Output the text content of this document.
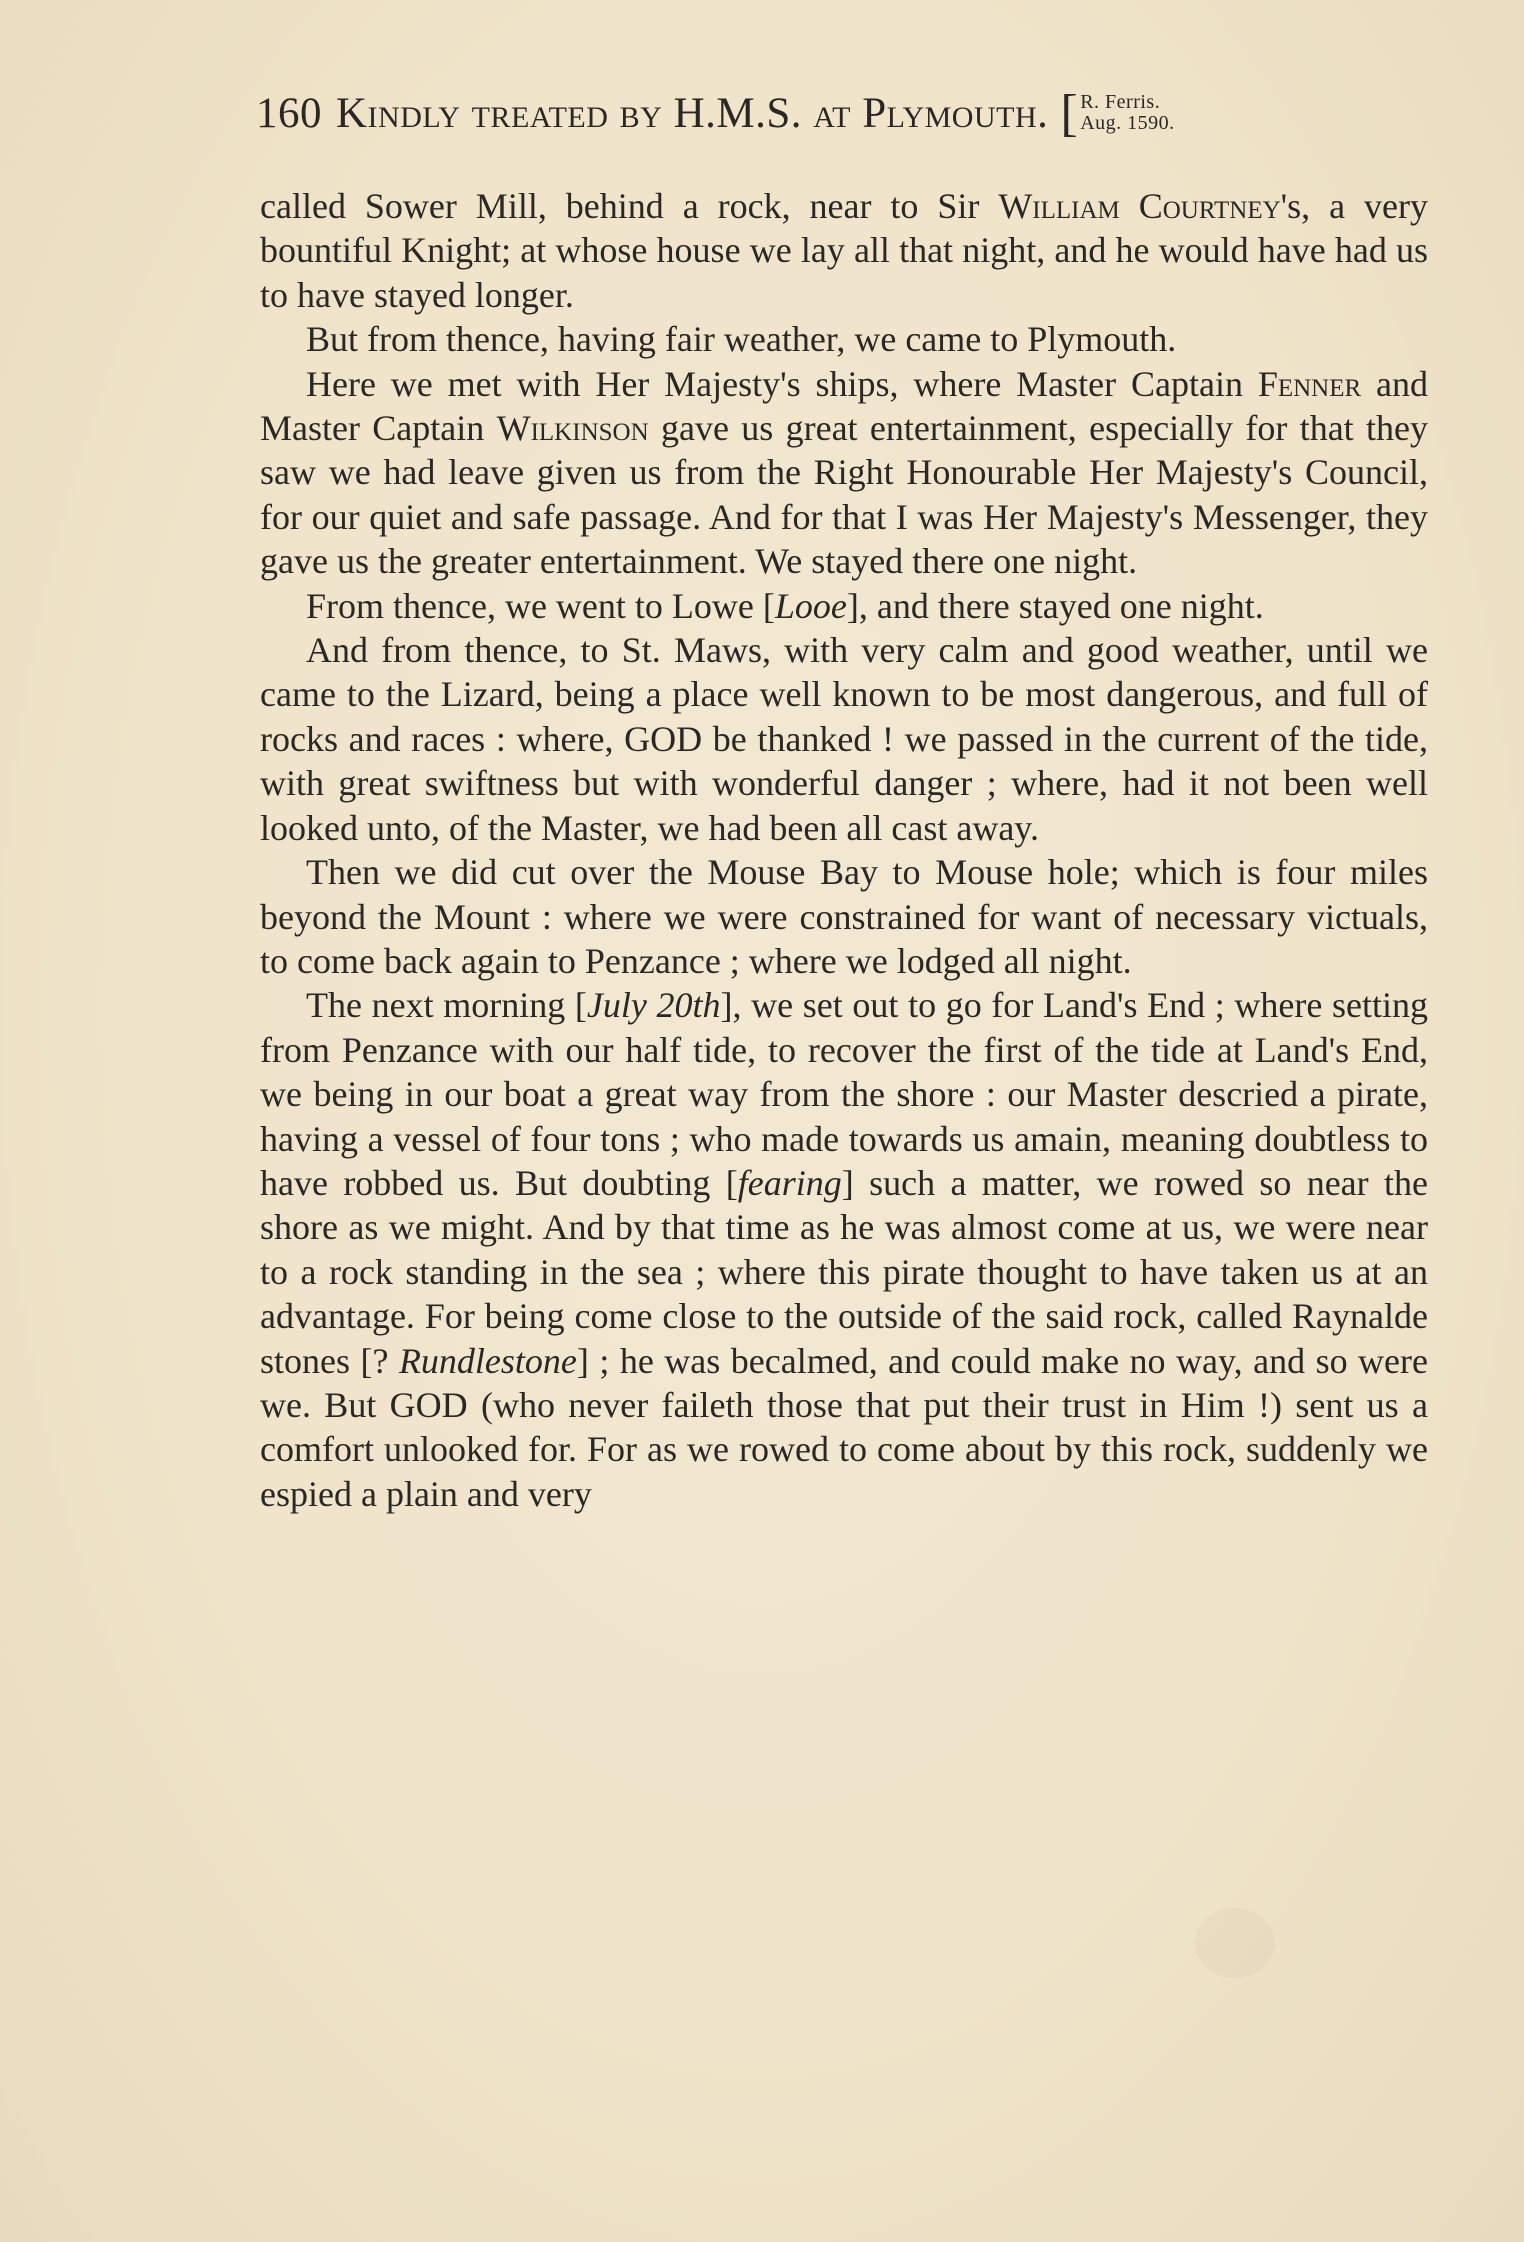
160 Kindly treated by H.M.S. at Plymouth. [ R. Ferris.
Aug. 1590.

called Sower Mill, behind a rock, near to Sir William Courtney's, a very bountiful Knight; at whose house we lay all that night, and he would have had us to have stayed longer.

But from thence, having fair weather, we came to Plymouth.

Here we met with Her Majesty's ships, where Master Captain Fenner and Master Captain Wilkinson gave us great entertainment, especially for that they saw we had leave given us from the Right Honourable Her Majesty's Council, for our quiet and safe passage. And for that I was Her Majesty's Messenger, they gave us the greater entertainment. We stayed there one night.

From thence, we went to Lowe [Looe], and there stayed one night.

And from thence, to St. Maws, with very calm and good weather, until we came to the Lizard, being a place well known to be most dangerous, and full of rocks and races : where, GOD be thanked ! we passed in the current of the tide, with great swiftness but with wonderful danger ; where, had it not been well looked unto, of the Master, we had been all cast away.

Then we did cut over the Mouse Bay to Mouse hole; which is four miles beyond the Mount : where we were constrained for want of necessary victuals, to come back again to Penzance ; where we lodged all night.

The next morning [July 20th], we set out to go for Land's End ; where setting from Penzance with our half tide, to recover the first of the tide at Land's End, we being in our boat a great way from the shore : our Master descried a pirate, having a vessel of four tons ; who made towards us amain, meaning doubtless to have robbed us. But doubting [fearing] such a matter, we rowed so near the shore as we might. And by that time as he was almost come at us, we were near to a rock standing in the sea ; where this pirate thought to have taken us at an advantage. For being come close to the outside of the said rock, called Raynalde stones [? Rundlestone] ; he was becalmed, and could make no way, and so were we. But GOD (who never faileth those that put their trust in Him !) sent us a comfort unlooked for. For as we rowed to come about by this rock, suddenly we espied a plain and very
